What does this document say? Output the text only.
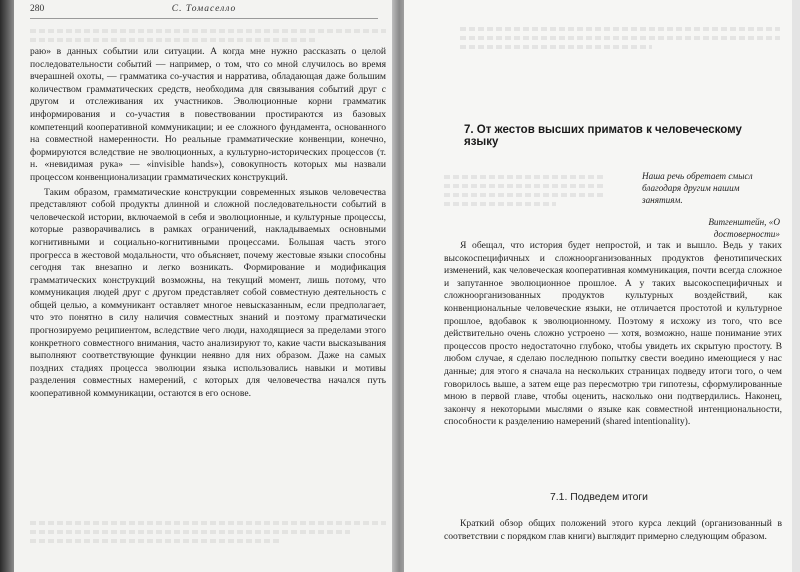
280	С. Томаселло

раю» в данных событии или ситуации. А когда мне нужно рассказать о целой последовательности событий — например, о том, что со мной случилось во время вчерашней охоты, — грамматика со-участия и нарратива, обладающая даже большим количеством грамматических средств, необходима для связывания событий друг с другом и отслеживания их участников. Эволюционные корни грамматик информирования и со-участия в повествовании простираются из базовых компетенций кооперативной коммуникации; и ее сложного фундамента, основанного на совместной намеренности. Но реальные грамматические конвенции, конечно, формируются вследствие не эволюционных, а культурно-исторических процессов (т. н. «невидимая рука» — «invisible hands»), совокупность которых мы назвали процессом конвенционализации грамматических конструкций.

Таким образом, грамматические конструкции современных языков человечества представляют собой продукты длинной и сложной последовательности событий в человеческой истории, включаемой в себя и эволюционные, и культурные процессы, которые разворачивались в рамках ограничений, накладываемых основными когнитивными и социально-когнитивными процессами. Большая часть этого прогресса в жестовой модальности, что объясняет, почему жестовые языки способны сегодня так внезапно и легко возникать. Формирование и модификация грамматических конструкций возможны, на текущий момент, лишь потому, что коммуникация людей друг с другом представляет собой совместную деятельность с общей целью, а коммуникант оставляет многое невысказанным, если предполагает, что это понятно в силу наличия совместных знаний и поэтому прагматически прогнозируемо реципиентом, вследствие чего люди, находящиеся за пределами этого конкретного совместного внимания, часто анализируют то, какие части высказывания выполняют соответствующие функции неявно для них образом. Даже на самых поздних стадиях процесса эволюции языка использовались навыки и мотивы разделения совместных намерений, с которых для человечества начался путь кооперативной коммуникации, остаются в его основе.

7. От жестов высших приматов к человеческому языку
Наша речь обретает смысл благодаря другим нашим занятиям.
Витгенштейн, «О достоверности»

Я обещал, что история будет непростой, и так и вышло. Ведь у таких высокоспецифичных и сложноорганизованных продуктов фенотипических изменений, как человеческая кооперативная коммуникация, почти всегда сложное и запутанное эволюционное прошлое. А у таких высокоспецифичных и сложноорганизованных продуктов культурных воздействий, как конвенциональные человеческие языки, не отличается простотой и культурное прошлое, вдобавок к эволюционному. Поэтому я исхожу из того, что все действительно очень сложно устроено — хотя, возможно, наше понимание этих процессов просто недостаточно глубоко, чтобы увидеть их скрытую простоту. В любом случае, я сделаю последнюю попытку свести воедино имеющиеся у нас данные; для этого я сначала на нескольких страницах подведу итоги того, о чем говорилось выше, а затем еще раз пересмотрю три гипотезы, сформулированные мною в первой главе, чтобы оценить, насколько они подтвердились. Наконец, закончу я некоторыми мыслями о языке как совместной интенциональности, способности к разделению намерений (shared intentionality).

7.1. Подведем итоги

Краткий обзор общих положений этого курса лекций (организованный в соответствии с порядком глав книги) выглядит примерно следующим образом.
